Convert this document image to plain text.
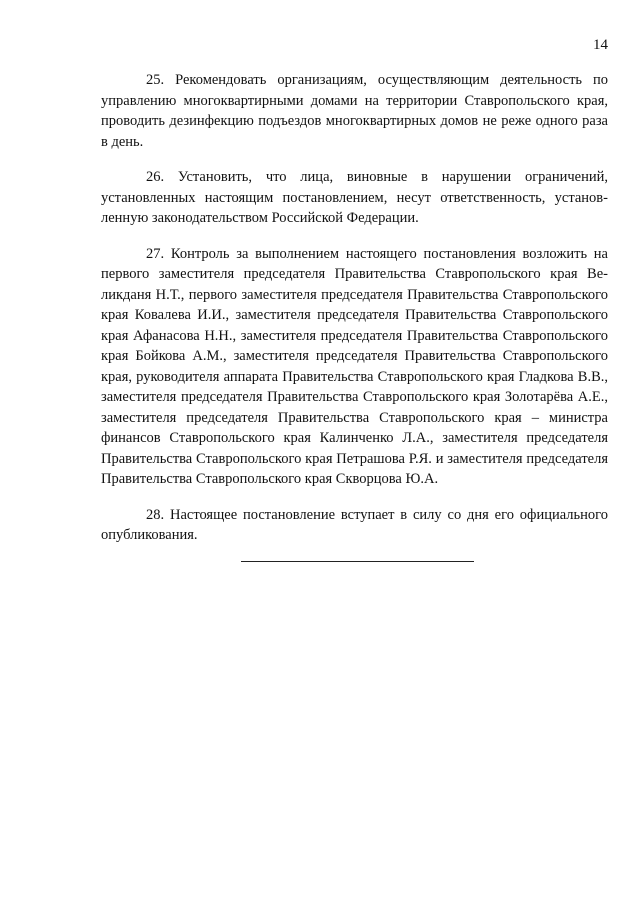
14

25. Рекомендовать организациям, осуществляющим деятельность по управлению многоквартирными домами на территории Ставропольского края, проводить дезинфекцию подъездов многоквартирных домов не реже одного раза в день.

26. Установить, что лица, виновные в нарушении ограничений, установленных настоящим постановлением, несут ответственность, установленную законодательством Российской Федерации.

27. Контроль за выполнением настоящего постановления возложить на первого заместителя председателя Правительства Ставропольского края Великданя Н.Т., первого заместителя председателя Правительства Ставропольского края Ковалева И.И., заместителя председателя Правительства Ставропольского края Афанасова Н.Н., заместителя председателя Правительства Ставропольского края Бойкова А.М., заместителя председателя Правительства Ставропольского края, руководителя аппарата Правительства Ставропольского края Гладкова В.В., заместителя председателя Правительства Ставропольского края Золотарёва А.Е., заместителя председателя Правительства Ставропольского края – министра финансов Ставропольского края Калинченко Л.А., заместителя председателя Правительства Ставропольского края Петрашова Р.Я. и заместителя председателя Правительства Ставропольского края Скворцова Ю.А.

28. Настоящее постановление вступает в силу со дня его официального опубликования.
